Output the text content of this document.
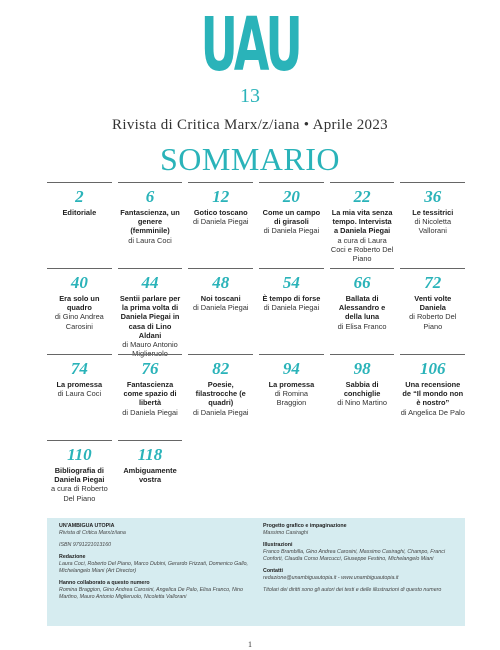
UAU
13
Rivista di Critica Marx/z/iana • Aprile 2023
SOMMARIO
2
Editoriale
6
Fantascienza, un genere (femminile)
di Laura Coci
12
Gotico toscano
di Daniela Piegai
20
Come un campo di girasoli
di Daniela Piegai
22
La mia vita senza tempo. Intervista a Daniela Piegai
a cura di Laura Coci e Roberto Del Piano
36
Le tessitrici
di Nicoletta Vallorani
40
Era solo un quadro
di Gino Andrea Carosini
44
Sentii parlare per la prima volta di Daniela Piegai in casa di Lino Aldani
di Mauro Antonio Miglieruolo
48
Noi toscani
di Daniela Piegai
54
È tempo di forse
di Daniela Piegai
66
Ballata di Alessandro e della luna
di Elisa Franco
72
Venti volte Daniela
di Roberto Del Piano
74
La promessa
di Laura Coci
76
Fantascienza come spazio di libertà
di Daniela Piegai
82
Poesie, filastrocche (e quadri)
di Daniela Piegai
94
La promessa
di Romina Braggion
98
Sabbia di conchiglie
di Nino Martino
106
Una recensione de “Il mondo non è nostro”
di Angelica De Palo
110
Bibliografia di Daniela Piegai
a cura di Roberto Del Piano
118
Ambiguamente vostra
UN'AMBIGUA UTOPIA
Rivista di Critica Marx/z/iana
ISBN 9791221013160
Redazione
Laura Coci, Roberto Del Piano, Marco Dubini, Gerardo Frizzati, Domenico Gallo, Michelangelo Miani (Art Director)
Hanno collaborato a questo numero
Romina Braggion, Gino Andrea Carosini, Angelica De Palo, Elisa Franco, Nino Martino, Mauro Antonio Miglieruolo, Nicoletta Vallorani
Progetto grafico e impaginazione
Massimo Casiraghi
Illustrazioni
Franco Brambilla, Gino Andrea Carosini, Massimo Casiraghi, Champo, Franci Conforti, Claudia Corso Marcucci, Giuseppe Festino, Michelangelo Miani
Contatti
redazione@unambiguautopia.it - www.unambiguautopia.it
Titolari dei diritti sono gli autori dei testi e delle illustrazioni di questo numero
1
